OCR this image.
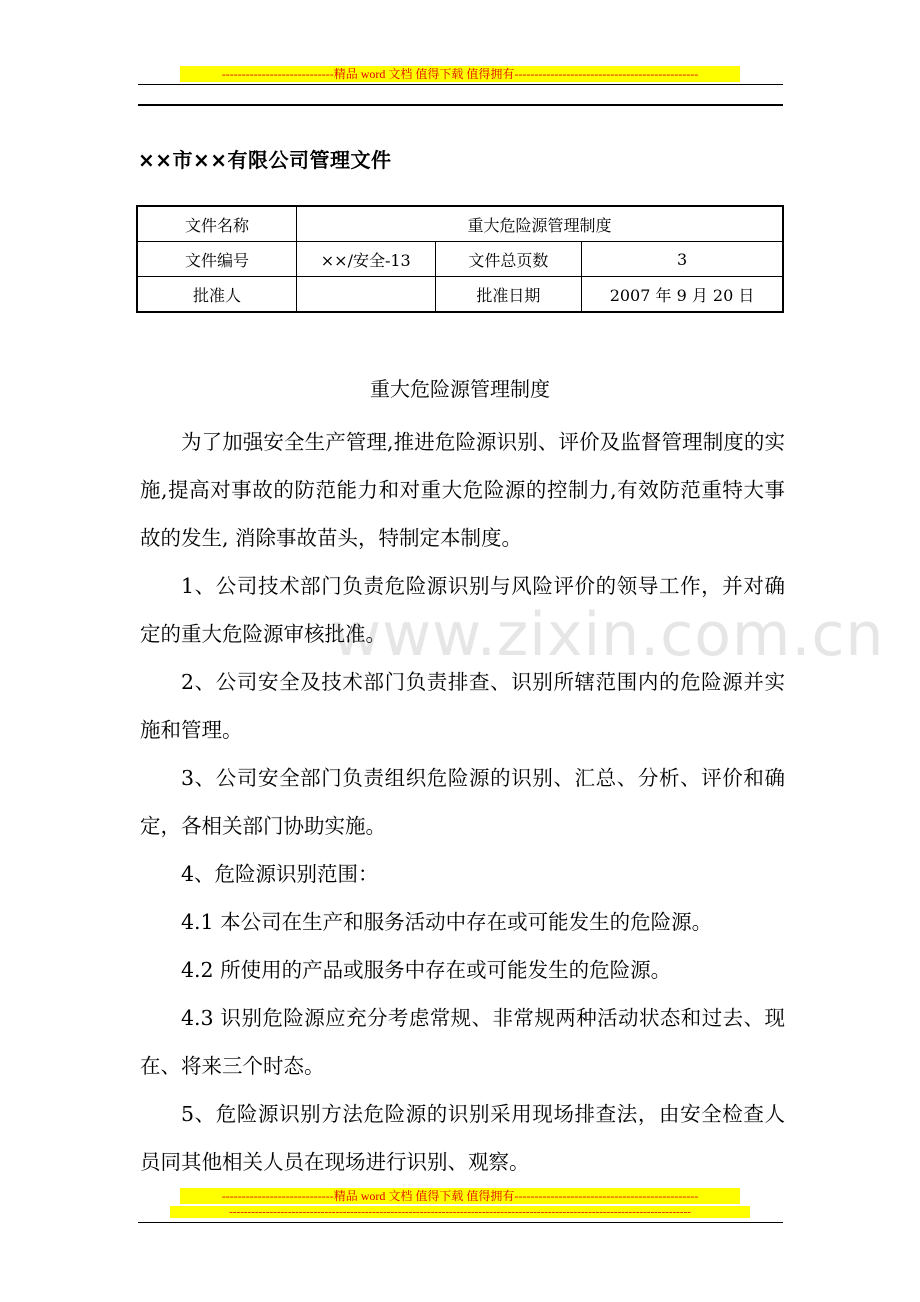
----------------------------精品 word 文档 值得下载 值得拥有----------------------------------------------
××市××有限公司管理文件
文件名称	重大危险源管理制度		
文件编号	××/安全-13	文件总页数	3
批准人		批准日期	2007 年 9 月 20 日
重大危险源管理制度
www.zixin.com.cn

为了加强安全生产管理,推进危险源识别、评价及监督管理制度的实施,提高对事故的防范能力和对重大危险源的控制力,有效防范重特大事故的发生, 消除事故苗头，特制定本制度。

1、公司技术部门负责危险源识别与风险评价的领导工作，并对确定的重大危险源审核批准。

2、公司安全及技术部门负责排查、识别所辖范围内的危险源并实施和管理。

3、公司安全部门负责组织危险源的识别、汇总、分析、评价和确定，各相关部门协助实施。

4、危险源识别范围：

4.1 本公司在生产和服务活动中存在或可能发生的危险源。

4.2 所使用的产品或服务中存在或可能发生的危险源。

4.3 识别危险源应充分考虑常规、非常规两种活动状态和过去、现在、将来三个时态。

5、危险源识别方法危险源的识别采用现场排查法，由安全检查人员同其他相关人员在现场进行识别、观察。

----------------------------精品 word 文档 值得下载 值得拥有----------------------------------------------
------------------------------------------------------------------------------------------------------------------------------
